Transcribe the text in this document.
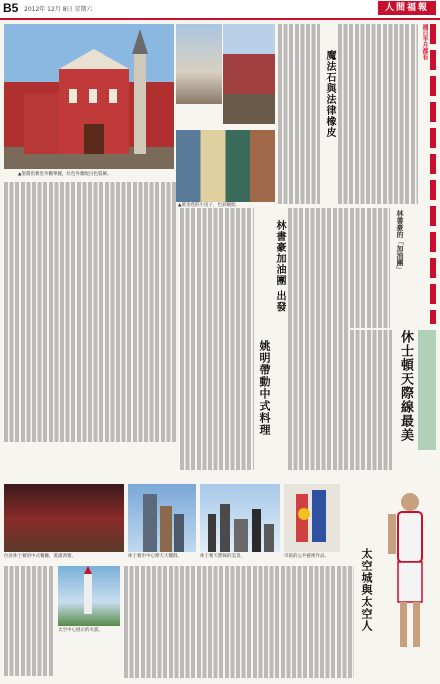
B5 2012年 12月 8日 星期六	人間福報
▲聖喬治教堂外觀華麗，紅色外牆配白色裝飾。
▲黃金巷的小房子，色彩繽紛。
魔法石與法律橡皮
週日半月都有
林書豪加油團 出發
姚明帶動中式料理
林書豪的「加油團」
休士頓天際線最美
位於休士頓的中式餐廳，裝潢典雅。	休士頓市中心摩天大樓群。	休士頓天際線的美景。	市區的公共藝術作品。
太空中心展示的火箭。	太空城與太空人
